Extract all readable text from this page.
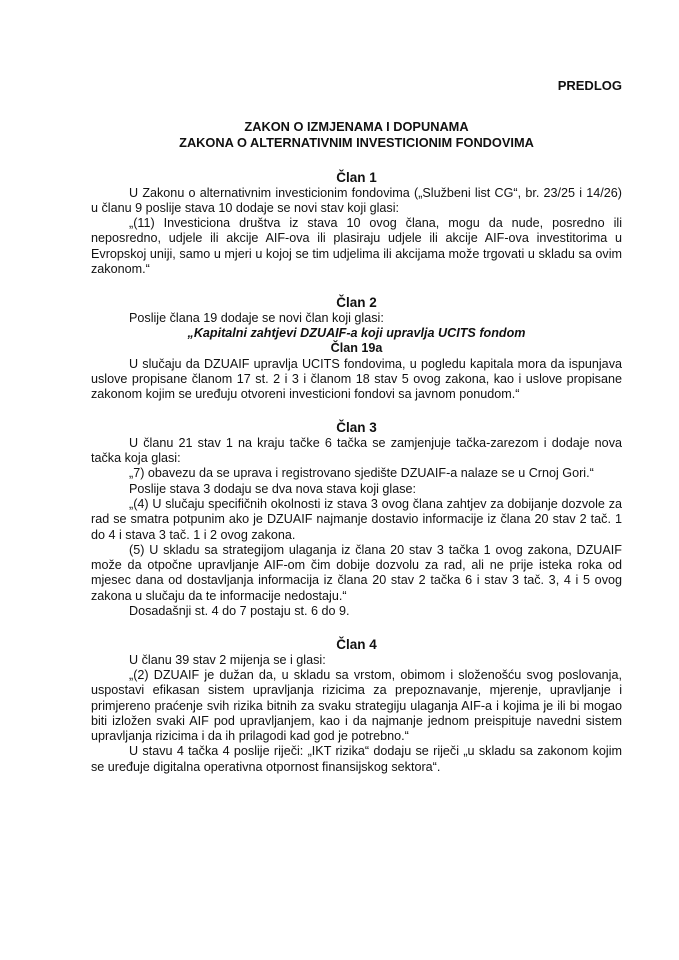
PREDLOG

ZAKON O IZMJENAMA I DOPUNAMA
ZAKONA O ALTERNATIVNIM INVESTICIONIM FONDOVIMA

Član 1

U Zakonu o alternativnim investicionim fondovima („Službeni list CG“, br. 23/25 i 14/26) u članu 9 poslije stava 10 dodaje se novi stav koji glasi:

„(11) Investiciona društva iz stava 10 ovog člana, mogu da nude, posredno ili neposredno, udjele ili akcije AIF-ova ili plasiraju udjele ili akcije AIF-ova investitorima u Evropskoj uniji, samo u mjeri u kojoj se tim udjelima ili akcijama može trgovati u skladu sa ovim zakonom.“

Član 2

Poslije člana 19 dodaje se novi član koji glasi:

„Kapitalni zahtjevi DZUAIF-a koji upravlja UCITS fondom

Član 19a

U slučaju da DZUAIF upravlja UCITS fondovima, u pogledu kapitala mora da ispunjava uslove propisane članom 17 st. 2 i 3 i članom 18 stav 5 ovog zakona, kao i uslove propisane zakonom kojim se uređuju otvoreni investicioni fondovi sa javnom ponudom.“

Član 3

U članu 21 stav 1 na kraju tačke 6 tačka se zamjenjuje tačka-zarezom i dodaje nova tačka koja glasi:

„7) obavezu da se uprava i registrovano sjedište DZUAIF-a nalaze se u Crnoj Gori.“

Poslije stava 3 dodaju se dva nova stava koji glase:

„(4) U slučaju specifičnih okolnosti iz stava 3 ovog člana zahtjev za dobijanje dozvole za rad se smatra potpunim ako je DZUAIF najmanje dostavio informacije iz člana 20 stav 2 tač. 1 do 4 i stava 3 tač. 1 i 2 ovog zakona.

(5) U skladu sa strategijom ulaganja iz člana 20 stav 3 tačka 1 ovog zakona, DZUAIF može da otpočne upravljanje AIF-om čim dobije dozvolu za rad, ali ne prije isteka roka od mjesec dana od dostavljanja informacija iz člana 20 stav 2 tačka 6 i stav 3 tač. 3, 4 i 5 ovog zakona u slučaju da te informacije nedostaju.“

Dosadašnji st. 4 do 7 postaju st. 6 do 9.

Član 4

U članu 39 stav 2 mijenja se i glasi:

„(2) DZUAIF je dužan da, u skladu sa vrstom, obimom i složenošću svog poslovanja, uspostavi efikasan sistem upravljanja rizicima za prepoznavanje, mjerenje, upravljanje i primjereno praćenje svih rizika bitnih za svaku strategiju ulaganja AIF-a i kojima je ili bi mogao biti izložen svaki AIF pod upravljanjem, kao i da najmanje jednom preispituje navedni sistem upravljanja rizicima i da ih prilagodi kad god je potrebno.“

U stavu 4 tačka 4 poslije riječi: „IKT rizika“ dodaju se riječi „u skladu sa zakonom kojim se uređuje digitalna operativna otpornost finansijskog sektora“.
